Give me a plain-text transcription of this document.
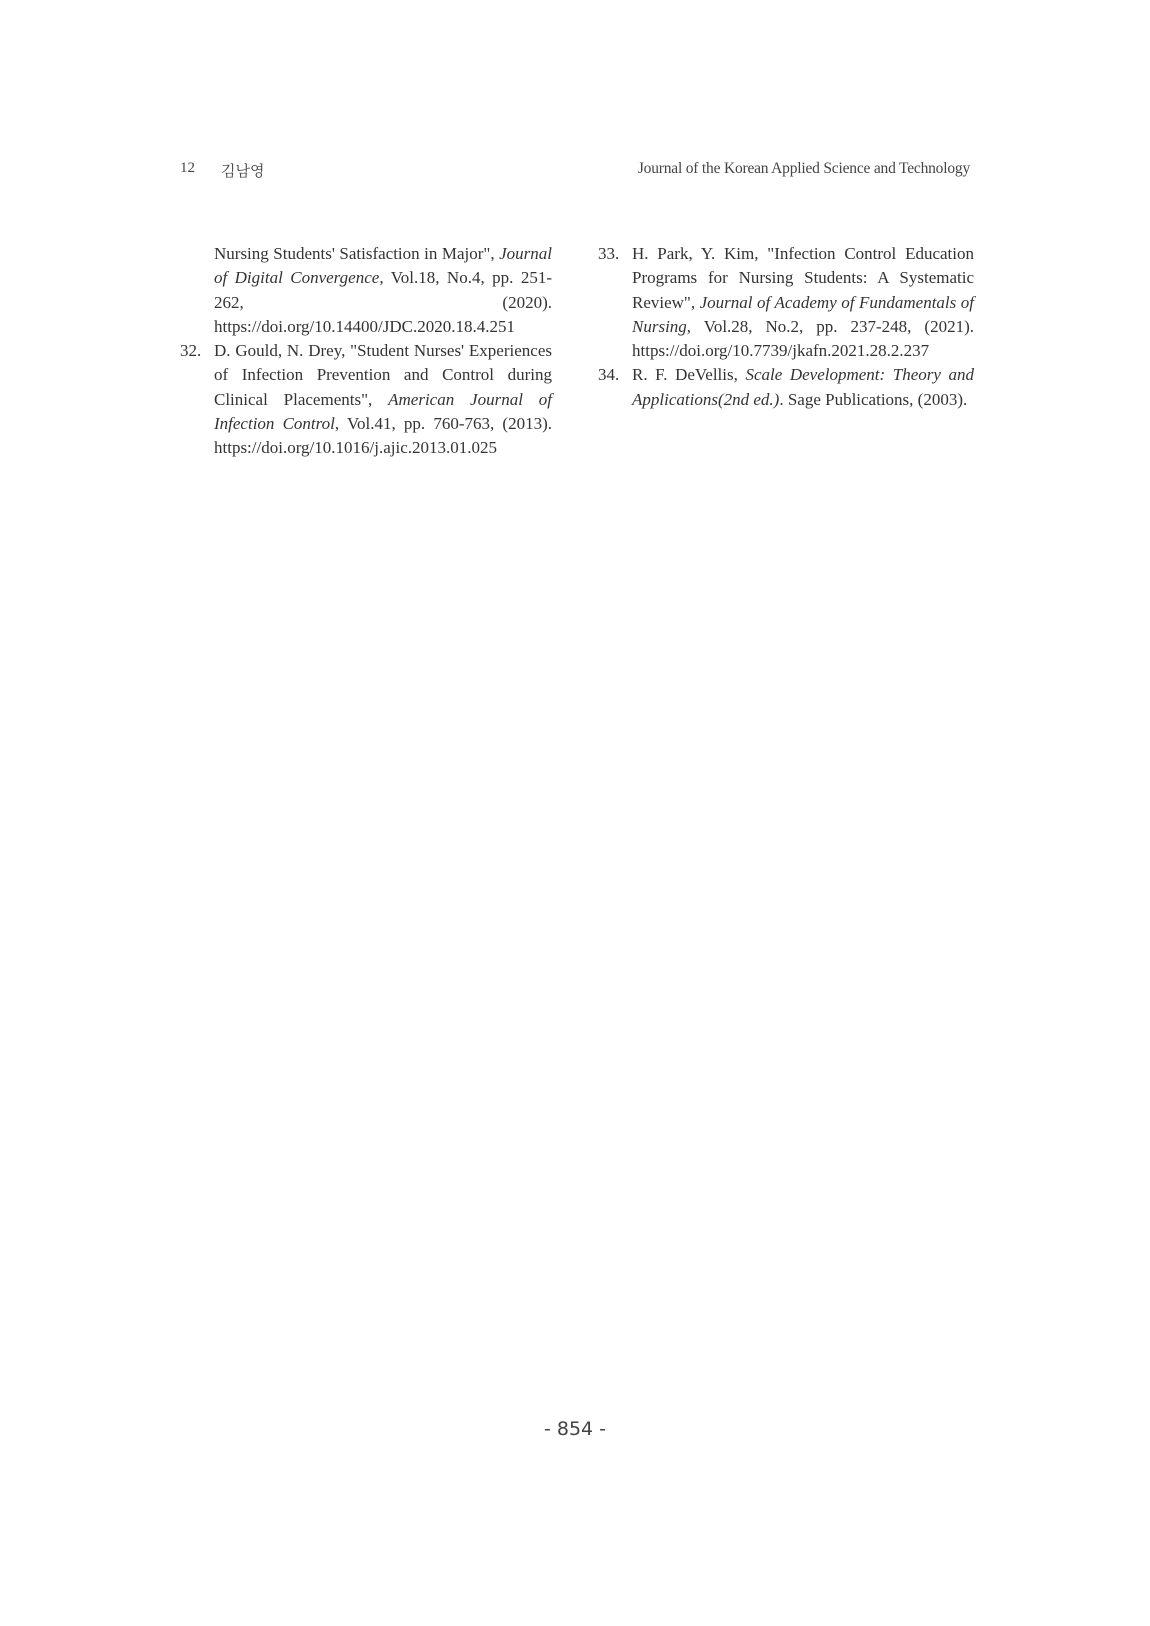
12 김남영	Journal of the Korean Applied Science and Technology

Nursing Students' Satisfaction in Major", Journal of Digital Convergence, Vol.18, No.4, pp. 251-262, (2020). https://doi.org/10.14400/JDC.2020.18.4.251

32. D. Gould, N. Drey, "Student Nurses' Experiences of Infection Prevention and Control during Clinical Placements", American Journal of Infection Control, Vol.41, pp. 760-763, (2013). https://doi.org/10.1016/j.ajic.2013.01.025

33. H. Park, Y. Kim, "Infection Control Education Programs for Nursing Students: A Systematic Review", Journal of Academy of Fundamentals of Nursing, Vol.28, No.2, pp. 237-248, (2021). https://doi.org/10.7739/jkafn.2021.28.2.237

34. R. F. DeVellis, Scale Development: Theory and Applications(2nd ed.). Sage Publications, (2003).

- 854 -
